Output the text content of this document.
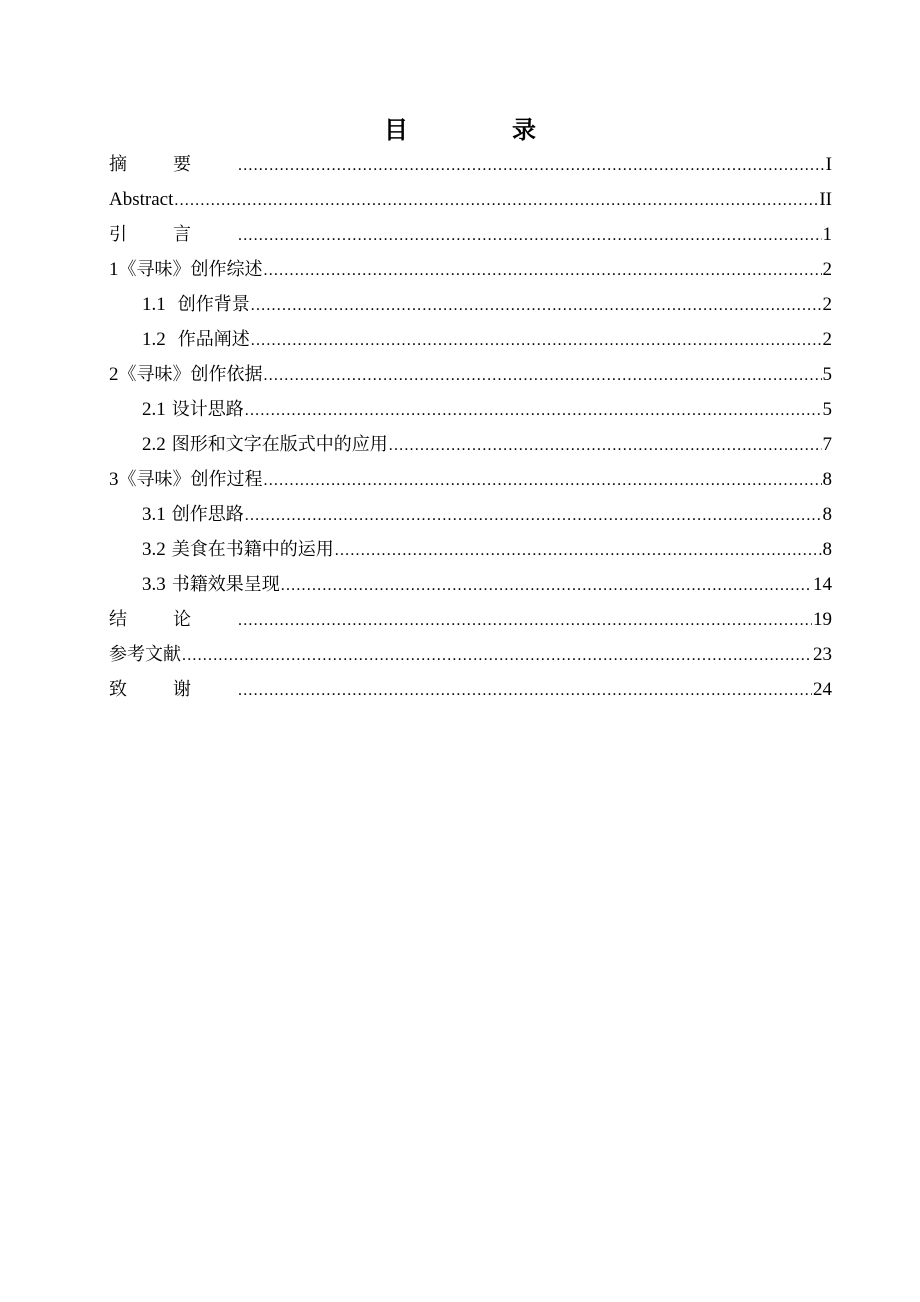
目　录
摘要 .....	I
Abstract .....	II
引言 .....	1
1《寻味》创作综述 .....	2
1.1 创作背景 .....	2
1.2 作品阐述 .....	2
2《寻味》创作依据 .....	5
2.1 设计思路 .....	5
2.2 图形和文字在版式中的应用 .....	7
3《寻味》创作过程 .....	8
3.1 创作思路 .....	8
3.2 美食在书籍中的运用 .....	8
3.3 书籍效果呈现 .....	14
结论 .....	19
参考文献 .....	23
致谢 .....	24
